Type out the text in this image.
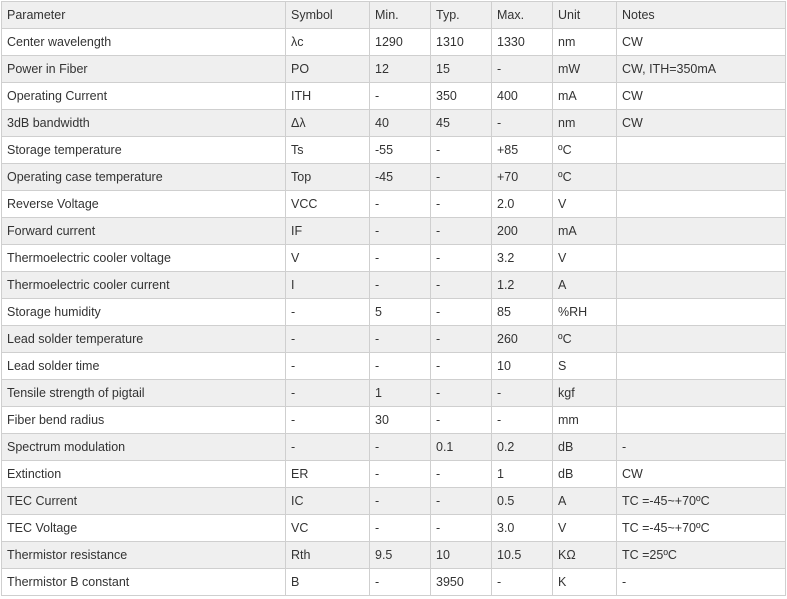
Parameter	Symbol	Min.	Typ.	Max.	Unit	Notes
Center wavelength	λc	1290	1310	1330	nm	CW
Power in Fiber	PO	12	15	-	mW	CW, ITH=350mA
Operating Current	ITH	-	350	400	mA	CW
3dB bandwidth	Δλ	40	45	-	nm	CW
Storage temperature	Ts	-55	-	+85	ºC	
Operating case temperature	Top	-45	-	+70	ºC	
Reverse Voltage	VCC	-	-	2.0	V	
Forward current	IF	-	-	200	mA	
Thermoelectric cooler voltage	V	-	-	3.2	V	
Thermoelectric cooler current	I	-	-	1.2	A	
Storage humidity	-	5	-	85	%RH	
Lead solder temperature	-	-	-	260	ºC	
Lead solder time	-	-	-	10	S	
Tensile strength of pigtail	-	1	-	-	kgf	
Fiber bend radius	-	30	-	-	mm	
Spectrum modulation	-	-	0.1	0.2	dB	-
Extinction	ER	-	-	1	dB	CW
TEC Current	IC	-	-	0.5	A	TC =-45~+70ºC
TEC Voltage	VC	-	-	3.0	V	TC =-45~+70ºC
Thermistor resistance	Rth	9.5	10	10.5	KΩ	TC =25ºC
Thermistor B constant	B	-	3950	-	K	-
